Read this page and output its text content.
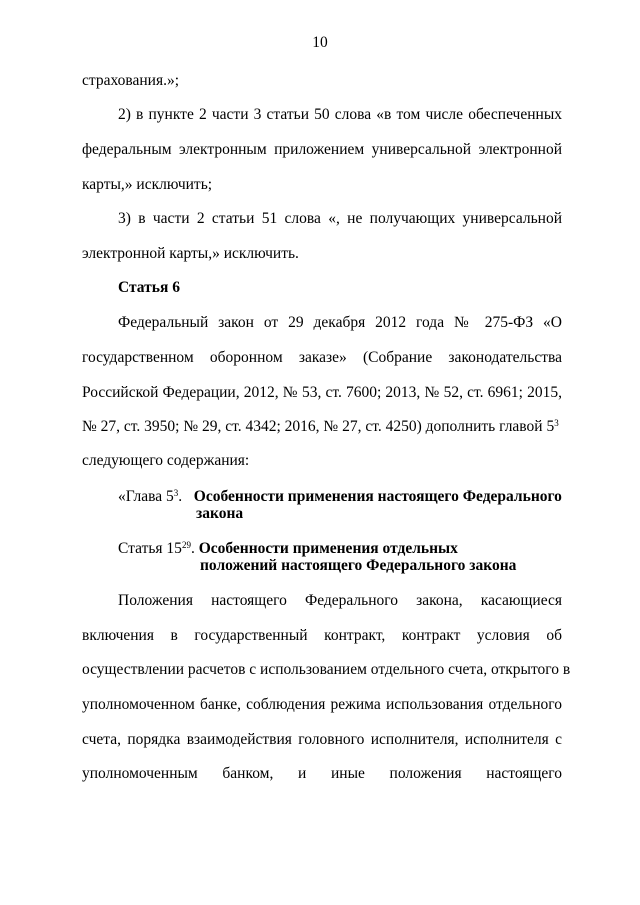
10
страхования.»;
2) в пункте 2 части 3 статьи 50 слова «в том числе обеспеченных
федеральным электронным приложением универсальной электронной
карты,» исключить;
3) в части 2 статьи 51 слова «, не получающих универсальной
электронной карты,» исключить.
Статья 6
Федеральный закон от 29 декабря 2012 года № 275-ФЗ «О
государственном оборонном заказе» (Собрание законодательства
Российской Федерации, 2012, № 53, ст. 7600; 2013, № 52, ст. 6961; 2015,
№ 27, ст. 3950; № 29, ст. 4342; 2016, № 27, ст. 4250) дополнить главой $5^3$
следующего содержания:
«Глава $5^3$.   Особенности применения настоящего Федерального
закона
Статья $15^{29}$. Особенности применения отдельных
положений настоящего Федерального закона
Положения настоящего Федерального закона, касающиеся
включения в государственный контракт, контракт условия об
осуществлении расчетов с использованием отдельного счета, открытого в
уполномоченном банке, соблюдения режима использования отдельного
счета, порядка взаимодействия головного исполнителя, исполнителя с
уполномоченным банком, и иные положения настоящего
